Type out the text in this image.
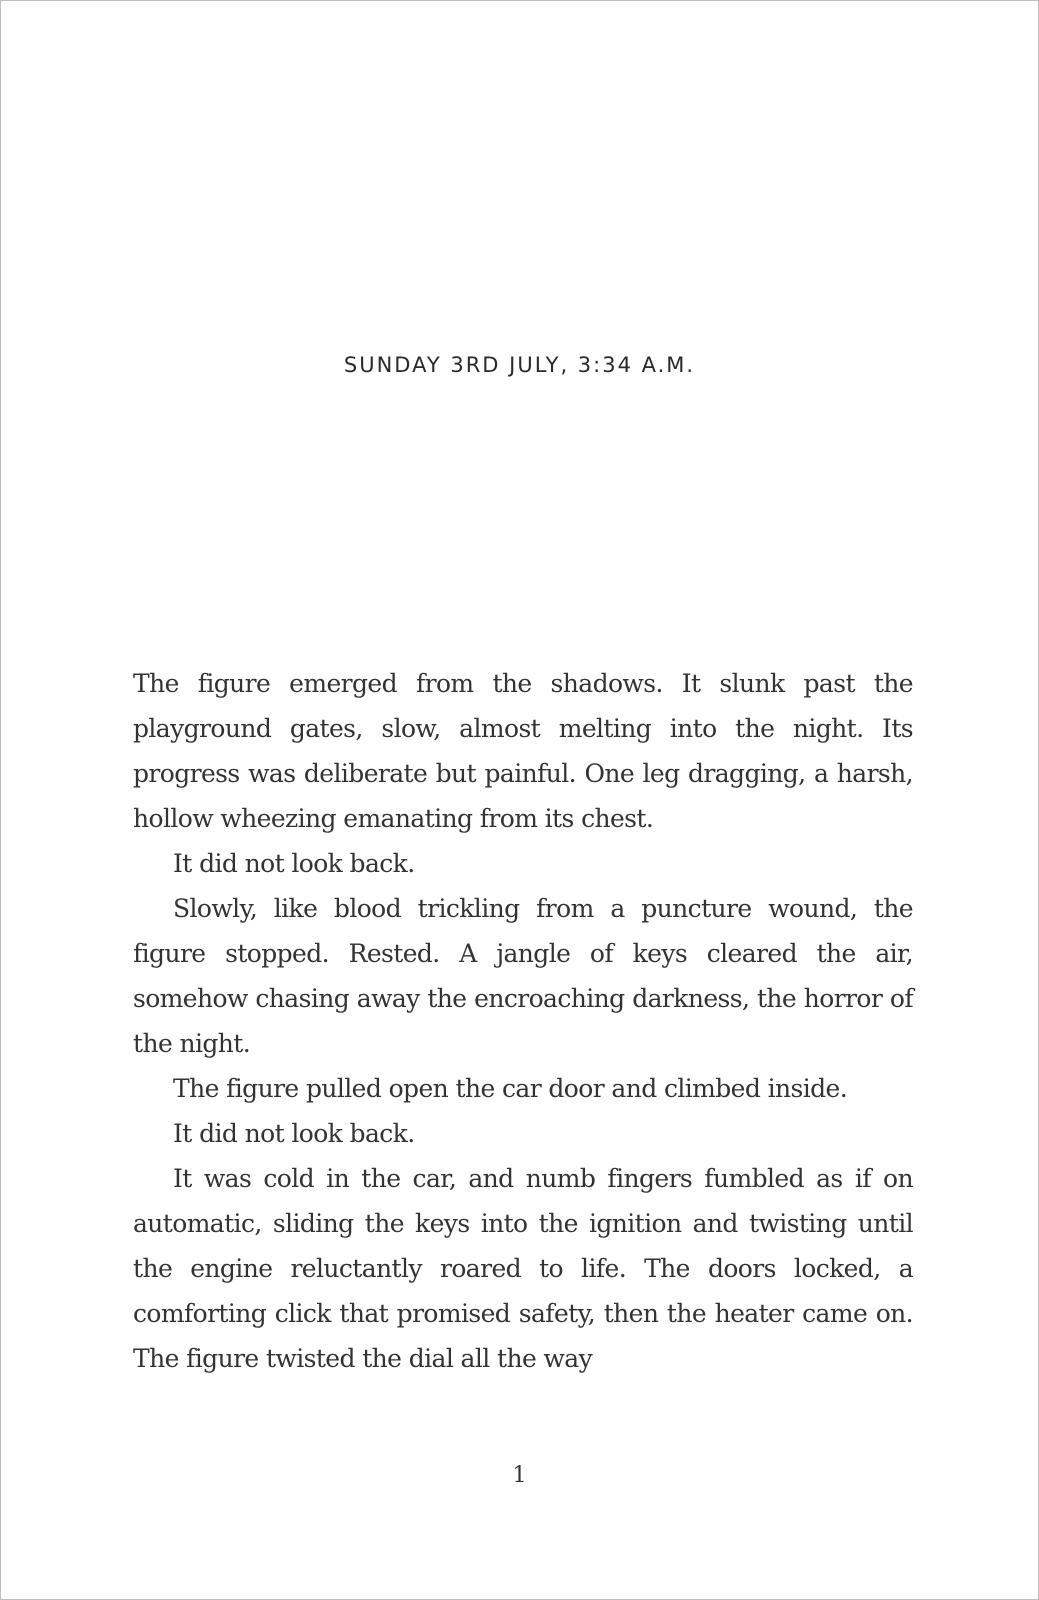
SUNDAY 3RD JULY, 3:34 A.M.

The figure emerged from the shadows. It slunk past the playground gates, slow, almost melting into the night. Its progress was deliberate but painful. One leg dragging, a harsh, hollow wheezing emanating from its chest.

It did not look back.

Slowly, like blood trickling from a puncture wound, the figure stopped. Rested. A jangle of keys cleared the air, somehow chasing away the encroaching darkness, the horror of the night.

The figure pulled open the car door and climbed inside.

It did not look back.

It was cold in the car, and numb fingers fumbled as if on automatic, sliding the keys into the ignition and twisting until the engine reluctantly roared to life. The doors locked, a comforting click that promised safety, then the heater came on. The figure twisted the dial all the way

1
